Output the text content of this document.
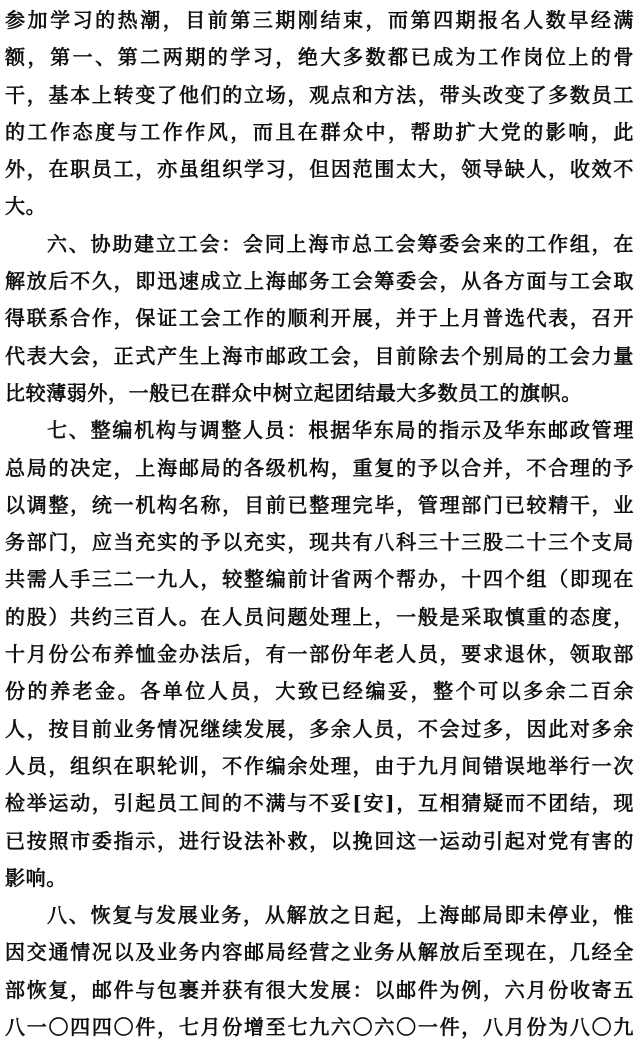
参加学习的热潮，目前第三期刚结束，而第四期报名人数早经满
额，第一、第二两期的学习，绝大多数都已成为工作岗位上的骨
干，基本上转变了他们的立场，观点和方法，带头改变了多数员工
的工作态度与工作作风，而且在群众中，帮助扩大党的影响，此
外，在职员工，亦虽组织学习，但因范围太大，领导缺人，收效不
大。
六、协助建立工会：会同上海市总工会筹委会来的工作组，在
解放后不久，即迅速成立上海邮务工会筹委会，从各方面与工会取
得联系合作，保证工会工作的顺利开展，并于上月普选代表，召开
代表大会，正式产生上海市邮政工会，目前除去个别局的工会力量
比较薄弱外，一般已在群众中树立起团结最大多数员工的旗帜。
七、整编机构与调整人员：根据华东局的指示及华东邮政管理
总局的决定，上海邮局的各级机构，重复的予以合并，不合理的予
以调整，统一机构名称，目前已整理完毕，管理部门已较精干，业
务部门，应当充实的予以充实，现共有八科三十三股二十三个支局
共需人手三二一九人，较整编前计省两个帮办，十四个组（即现在
的股）共约三百人。在人员问题处理上，一般是采取慎重的态度，
十月份公布养恤金办法后，有一部份年老人员，要求退休，领取部
份的养老金。各单位人员，大致已经编妥，整个可以多余二百余
人，按目前业务情况继续发展，多余人员，不会过多，因此对多余
人员，组织在职轮训，不作编余处理，由于九月间错误地举行一次
检举运动，引起员工间的不满与不妥[安]，互相猜疑而不团结，现
已按照市委指示，进行设法补救，以挽回这一运动引起对党有害的
影响。
八、恢复与发展业务，从解放之日起，上海邮局即未停业，惟
因交通情况以及业务内容邮局经营之业务从解放后至现在，几经全
部恢复，邮件与包裹并获有很大发展：以邮件为例，六月份收寄五
八一〇四四〇件，七月份增至七九六〇六〇一件，八月份为八〇九
